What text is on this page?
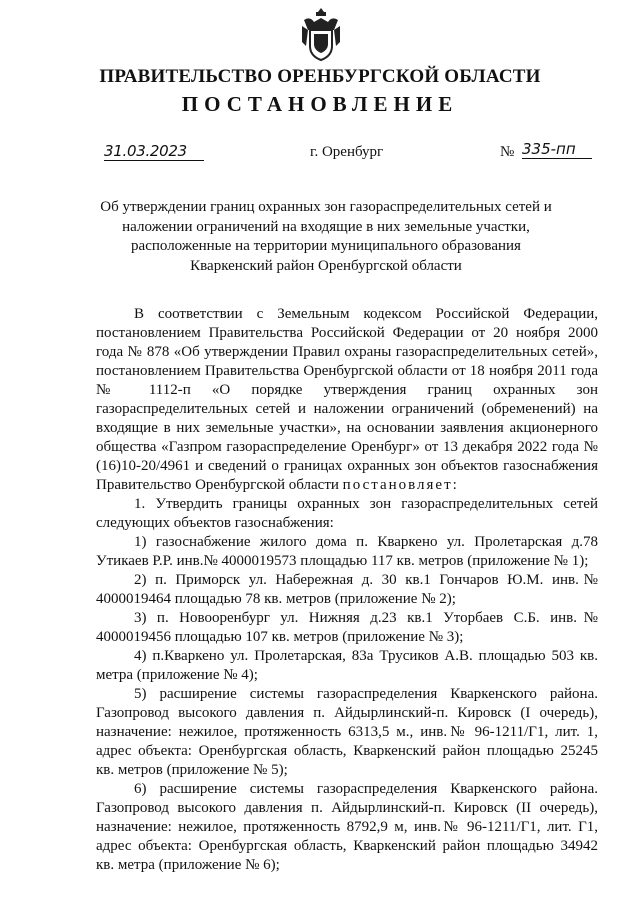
ПРАВИТЕЛЬСТВО ОРЕНБУРГСКОЙ ОБЛАСТИ
ПОСТАНОВЛЕНИЕ
31.03.2023	г. Оренбург	№ 335-пп
Об утверждении границ охранных зон газораспределительных сетей и наложении ограничений на входящие в них земельные участки, расположенные на территории муниципального образования Кваркенский район Оренбургской области

В соответствии с Земельным кодексом Российской Федерации, постановлением Правительства Российской Федерации от 20 ноября 2000 года № 878 «Об утверждении Правил охраны газораспределительных сетей», постановлением Правительства Оренбургской области от 18 ноября 2011 года № 1112-п «О порядке утверждения границ охранных зон газораспределительных сетей и наложении ограничений (обременений) на входящие в них земельные участки», на основании заявления акционерного общества «Газпром газораспределение Оренбург» от 13 декабря 2022 года № (16)10-20/4961 и сведений о границах охранных зон объектов газоснабжения Правительство Оренбургской области постановляет:

1. Утвердить границы охранных зон газораспределительных сетей следующих объектов газоснабжения:

1) газоснабжение жилого дома п. Кваркено ул. Пролетарская д.78 Утикаев Р.Р. инв.№ 4000019573 площадью 117 кв. метров (приложение № 1);

2) п. Приморск ул. Набережная д. 30 кв.1 Гончаров Ю.М. инв.№ 4000019464 площадью 78 кв. метров (приложение № 2);

3) п. Новооренбург ул. Нижняя д.23 кв.1 Уторбаев С.Б. инв.№ 4000019456 площадью 107 кв. метров (приложение № 3);

4) п.Кваркено ул. Пролетарская, 83а Трусиков А.В. площадью 503 кв. метра (приложение № 4);

5) расширение системы газораспределения Кваркенского района. Газопровод высокого давления п. Айдырлинский-п. Кировск (I очередь), назначение: нежилое, протяженность 6313,5 м., инв.№ 96-1211/Г1, лит. 1, адрес объекта: Оренбургская область, Кваркенский район площадью 25245 кв. метров (приложение № 5);

6) расширение системы газораспределения Кваркенского района. Газопровод высокого давления п. Айдырлинский-п. Кировск (II очередь), назначение: нежилое, протяженность 8792,9 м, инв.№ 96-1211/Г1, лит. Г1, адрес объекта: Оренбургская область, Кваркенский район площадью 34942 кв. метра (приложение № 6);
